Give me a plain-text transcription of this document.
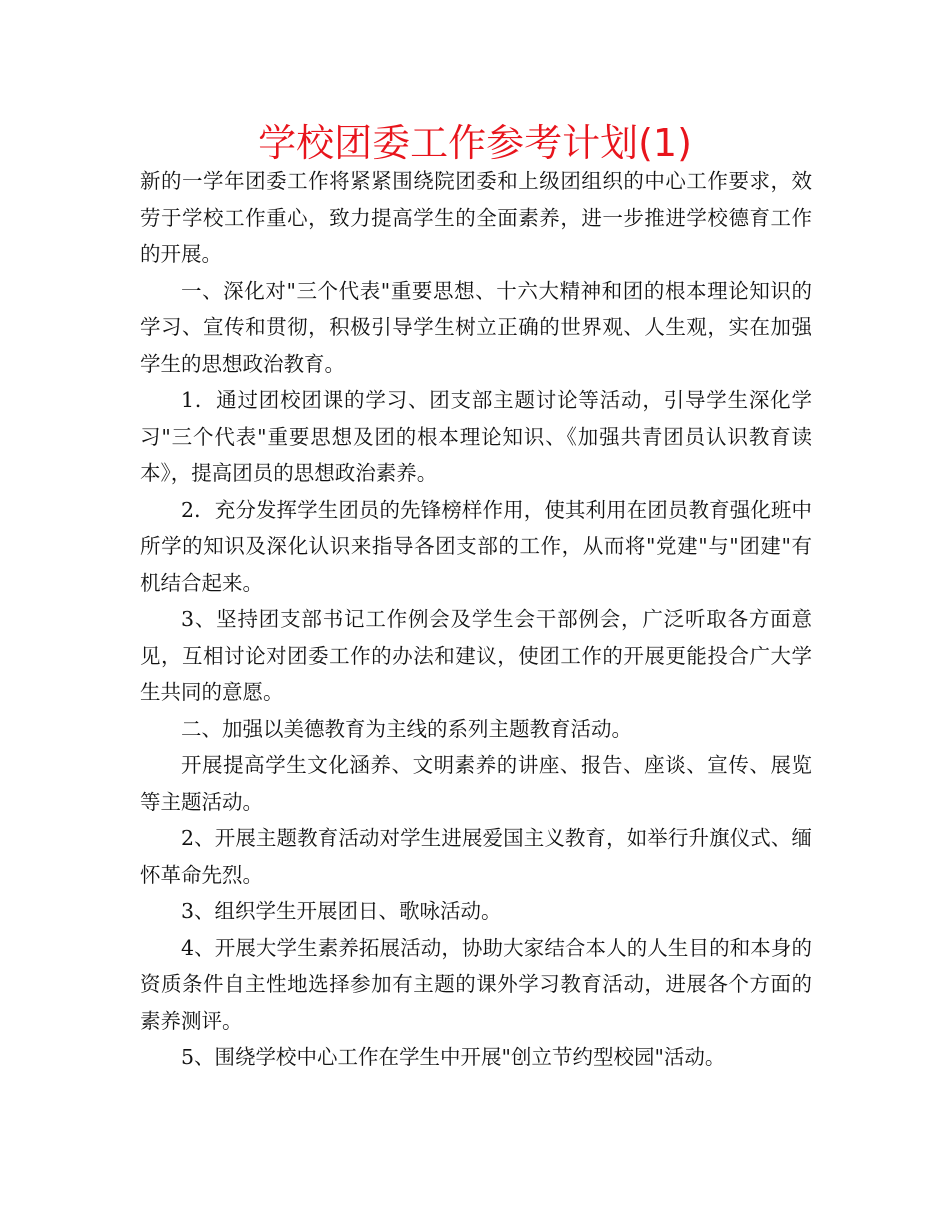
学校团委工作参考计划(1)

新的一学年团委工作将紧紧围绕院团委和上级团组织的中心工作要求，效劳于学校工作重心，致力提高学生的全面素养，进一步推进学校德育工作的开展。

一、深化对"三个代表"重要思想、十六大精神和团的根本理论知识的学习、宣传和贯彻，积极引导学生树立正确的世界观、人生观，实在加强学生的思想政治教育。

1．通过团校团课的学习、团支部主题讨论等活动，引导学生深化学习"三个代表"重要思想及团的根本理论知识、《加强共青团员认识教育读本》，提高团员的思想政治素养。

2．充分发挥学生团员的先锋榜样作用，使其利用在团员教育强化班中所学的知识及深化认识来指导各团支部的工作，从而将"党建"与"团建"有机结合起来。

3、坚持团支部书记工作例会及学生会干部例会，广泛听取各方面意见，互相讨论对团委工作的办法和建议，使团工作的开展更能投合广大学生共同的意愿。

二、加强以美德教育为主线的系列主题教育活动。

开展提高学生文化涵养、文明素养的讲座、报告、座谈、宣传、展览等主题活动。

2、开展主题教育活动对学生进展爱国主义教育，如举行升旗仪式、缅怀革命先烈。

3、组织学生开展团日、歌咏活动。

4、开展大学生素养拓展活动，协助大家结合本人的人生目的和本身的资质条件自主性地选择参加有主题的课外学习教育活动，进展各个方面的素养测评。

5、围绕学校中心工作在学生中开展"创立节约型校园"活动。
